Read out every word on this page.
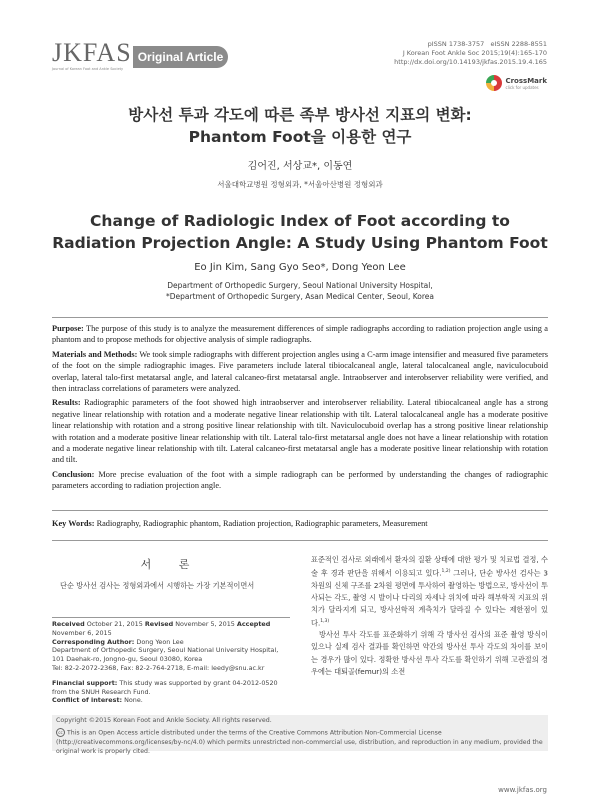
JKFAS
Journal of Korean Foot and Ankle Society
Original Article
pISSN 1738-3757 eISSN 2288-8551
J Korean Foot Ankle Soc 2015;19(4):165-170
http://dx.doi.org/10.14193/jkfas.2015.19.4.165
CrossMark
click for updates
방사선 투과 각도에 따른 족부 방사선 지표의 변화:
Phantom Foot을 이용한 연구
김어진, 서상교*, 이동연
서울대학교병원 정형외과, *서울아산병원 정형외과
Change of Radiologic Index of Foot according to
Radiation Projection Angle: A Study Using Phantom Foot
Eo Jin Kim, Sang Gyo Seo*, Dong Yeon Lee
Department of Orthopedic Surgery, Seoul National University Hospital,
*Department of Orthopedic Surgery, Asan Medical Center, Seoul, Korea

Purpose: The purpose of this study is to analyze the measurement differences of simple radiographs according to radiation projection angle using a phantom and to propose methods for objective analysis of simple radiographs.

Materials and Methods: We took simple radiographs with different projection angles using a C-arm image intensifier and measured five parameters of the foot on the simple radiographic images. Five parameters include lateral tibiocalcaneal angle, lateral talocalcaneal angle, naviculocuboid overlap, lateral talo-first metatarsal angle, and lateral calcaneo-first metatarsal angle. Intraobserver and interobserver reliability were verified, and then intraclass correlations of parameters were analyzed.

Results: Radiographic parameters of the foot showed high intraobserver and interobserver reliability. Lateral tibiocalcaneal angle has a strong negative linear relationship with rotation and a moderate negative linear relationship with tilt. Lateral talocalcaneal angle has a moderate positive linear relationship with rotation and a strong positive linear relationship with tilt. Naviculocuboid overlap has a strong positive linear relationship with rotation and a moderate positive linear relationship with tilt. Lateral talo-first metatarsal angle does not have a linear relationship with rotation and a moderate negative linear relationship with tilt. Lateral calcaneo-first metatarsal angle has a moderate positive linear relationship with rotation and tilt.

Conclusion: More precise evaluation of the foot with a simple radiograph can be performed by understanding the changes of radiographic parameters according to radiation projection angle.

Key Words: Radiography, Radiographic phantom, Radiation projection, Radiographic parameters, Measurement
서 론
단순 방사선 검사는 정형외과에서 시행하는 가장 기본적이면서

표준적인 검사로 외래에서 환자의 질환 상태에 대한 평가 및 치료법 결정, 수술 후 경과 판단을 위해서 이용되고 있다.$^{1,2)}$ 그러나, 단순 방사선 검사는 3차원의 신체 구조를 2차원 평면에 투사하여 촬영하는 방법으로, 방사선이 투사되는 각도, 촬영 시 발이나 다리의 자세나 위치에 따라 해부학적 지표의 위치가 달라지게 되고, 방사선학적 계측치가 달라질 수 있다는 제한점이 있다.$^{1,3)}$

방사선 투사 각도를 표준화하기 위해 각 방사선 검사의 표준 촬영 방식이 있으나 실제 검사 결과를 확인하면 약간의 방사선 투사 각도의 차이를 보이는 경우가 많이 있다. 정확한 방사선 투사 각도를 확인하기 위해 고관절의 경우에는 대퇴골(femur)의 소전

Received October 21, 2015 Revised November 5, 2015 Accepted November 6, 2015

Corresponding Author: Dong Yeon Lee

Department of Orthopedic Surgery, Seoul National University Hospital,

101 Daehak-ro, Jongno-gu, Seoul 03080, Korea

Tel: 82-2-2072-2368, Fax: 82-2-764-2718, E-mail: leedy@snu.ac.kr

Financial support: This study was supported by grant 04-2012-0520 from the SNUH Research Fund.

Conflict of interest: None.

Copyright ©2015 Korean Foot and Ankle Society. All rights reserved.
cc This is an Open Access article distributed under the terms of the Creative Commons Attribution Non-Commercial License (http://creativecommons.org/licenses/by-nc/4.0) which permits unrestricted non-commercial use, distribution, and reproduction in any medium, provided the original work is properly cited.
www.jkfas.org
